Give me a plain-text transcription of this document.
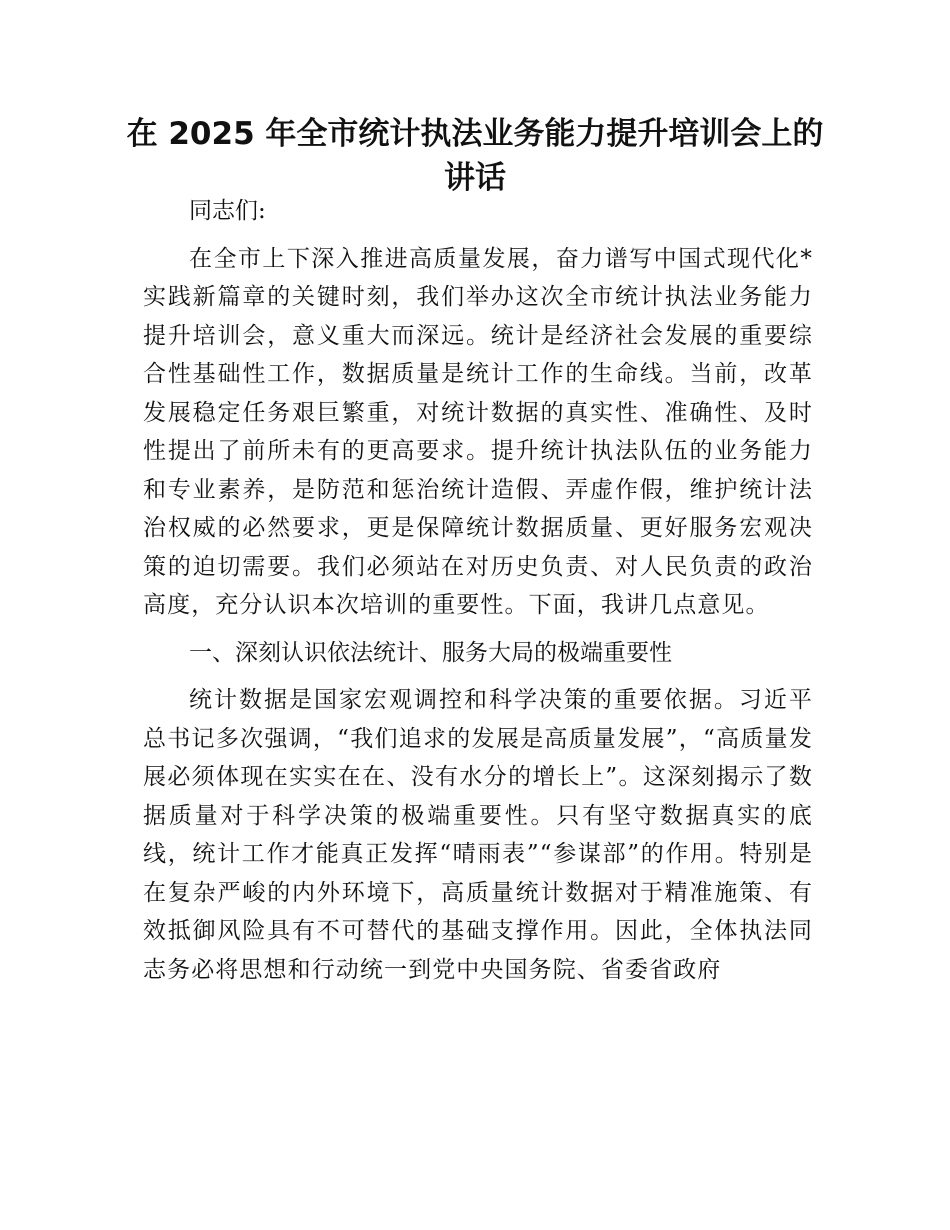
在 2025 年全市统计执法业务能力提升培训会上的讲话

同志们:

在全市上下深入推进高质量发展，奋力谱写中国式现代化*实践新篇章的关键时刻，我们举办这次全市统计执法业务能力提升培训会，意义重大而深远。统计是经济社会发展的重要综合性基础性工作，数据质量是统计工作的生命线。当前，改革发展稳定任务艰巨繁重，对统计数据的真实性、准确性、及时性提出了前所未有的更高要求。提升统计执法队伍的业务能力和专业素养，是防范和惩治统计造假、弄虚作假，维护统计法治权威的必然要求，更是保障统计数据质量、更好服务宏观决策的迫切需要。我们必须站在对历史负责、对人民负责的政治高度，充分认识本次培训的重要性。下面，我讲几点意见。

一、深刻认识依法统计、服务大局的极端重要性

统计数据是国家宏观调控和科学决策的重要依据。习近平总书记多次强调，“我们追求的发展是高质量发展”，“高质量发展必须体现在实实在在、没有水分的增长上”。这深刻揭示了数据质量对于科学决策的极端重要性。只有坚守数据真实的底线，统计工作才能真正发挥“晴雨表”“参谋部”的作用。特别是在复杂严峻的内外环境下，高质量统计数据对于精准施策、有效抵御风险具有不可替代的基础支撑作用。因此，全体执法同志务必将思想和行动统一到党中央国务院、省委省政府
